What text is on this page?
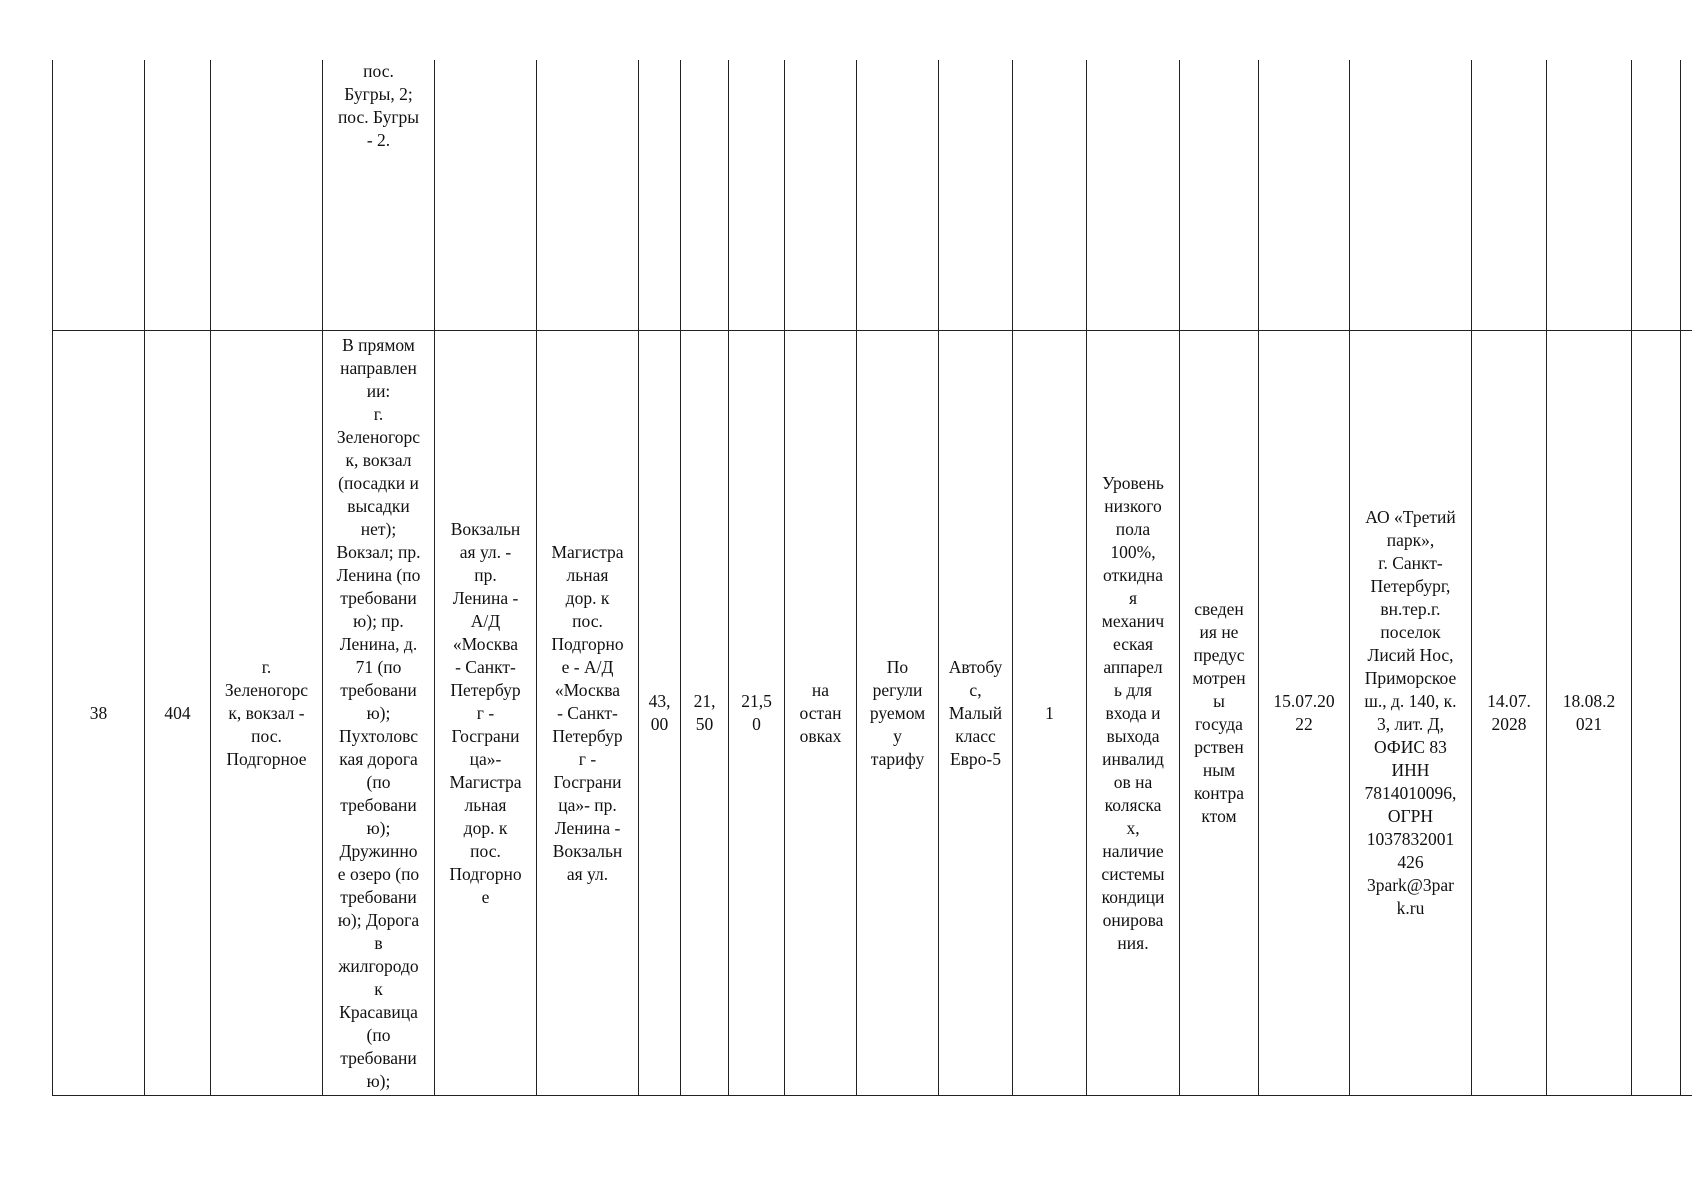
пос.
Бугры, 2;
пос. Бугры
- 2.
38	404
г.
Зеленогорс
к, вокзал -
пос.
Подгорное
В прямом
направлен
ии:
г.
Зеленогорс
к, вокзал
(посадки и
высадки
нет);
Вокзал; пр.
Ленина (по
требовани
ю); пр.
Ленина, д.
71 (по
требовани
ю);
Пухтоловс
кая дорога
(по
требовани
ю);
Дружинно
е озеро (по
требовани
ю); Дорога
в
жилгородо
к
Красавица
(по
требовани
ю);
Вокзальн
ая ул. -
пр.
Ленина -
А/Д
«Москва
- Санкт-
Петербур
г -
Госграни
ца»-
Магистра
льная
дор. к
пос.
Подгорно
е
Магистра
льная
дор. к
пос.
Подгорно
е - А/Д
«Москва
- Санкт-
Петербур
г -
Госграни
ца»- пр.
Ленина -
Вокзальн
ая ул.
43,
00
21,
50
21,5
0
на
остан
овках
По
регули
руемом
у
тарифу
Автобу
с,
Малый
класс
Евро-5
1
Уровень
низкого
пола
100%,
откидна
я
механич
еская
аппарел
ь для
входа и
выхода
инвалид
ов на
коляска
х,
наличие
системы
кондици
онирова
ния.
сведен
ия не
предус
мотрен
ы
госуда
рствен
ным
контра
ктом
15.07.20
22
АО «Третий
парк»,
г. Санкт-
Петербург,
вн.тер.г.
поселок
Лисий Нос,
Приморское
ш., д. 140, к.
3, лит. Д,
ОФИС 83
ИНН
7814010096,
ОГРН
1037832001
426
3park@3par
k.ru
14.07.
2028
18.08.2
021
